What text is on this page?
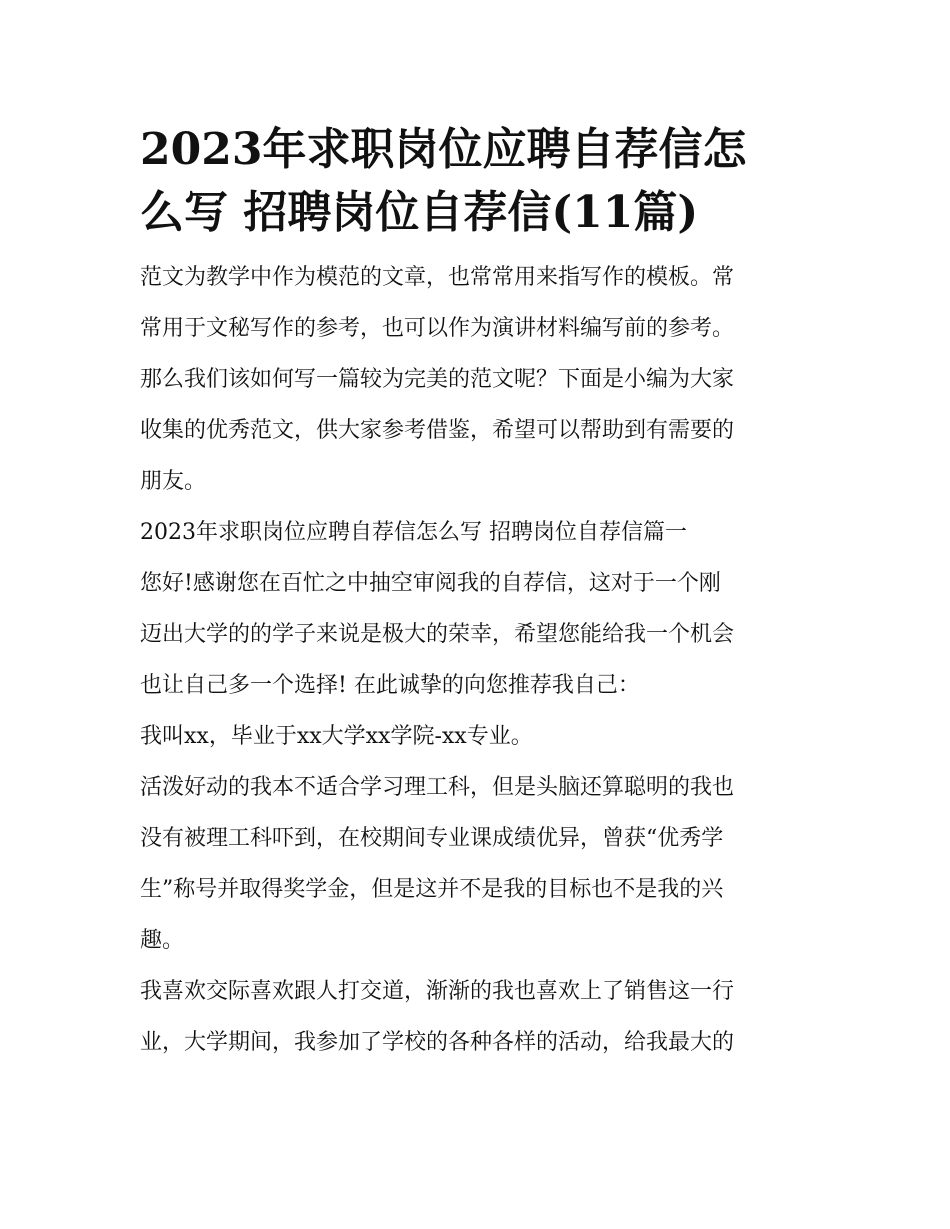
2023年求职岗位应聘自荐信怎
么写 招聘岗位自荐信(11篇)

范文为教学中作为模范的文章，也常常用来指写作的模板。常
常用于文秘写作的参考，也可以作为演讲材料编写前的参考。
那么我们该如何写一篇较为完美的范文呢？下面是小编为大家
收集的优秀范文，供大家参考借鉴，希望可以帮助到有需要的
朋友。

2023年求职岗位应聘自荐信怎么写 招聘岗位自荐信篇一

您好!感谢您在百忙之中抽空审阅我的自荐信，这对于一个刚
迈出大学的的学子来说是极大的荣幸，希望您能给我一个机会
也让自己多一个选择! 在此诚挚的向您推荐我自己：

我叫xx，毕业于xx大学xx学院-xx专业。

活泼好动的我本不适合学习理工科，但是头脑还算聪明的我也
没有被理工科吓到，在校期间专业课成绩优异，曾获“优秀学
生”称号并取得奖学金，但是这并不是我的目标也不是我的兴
趣。

我喜欢交际喜欢跟人打交道，渐渐的我也喜欢上了销售这一行
业，大学期间，我参加了学校的各种各样的活动，给我最大的
